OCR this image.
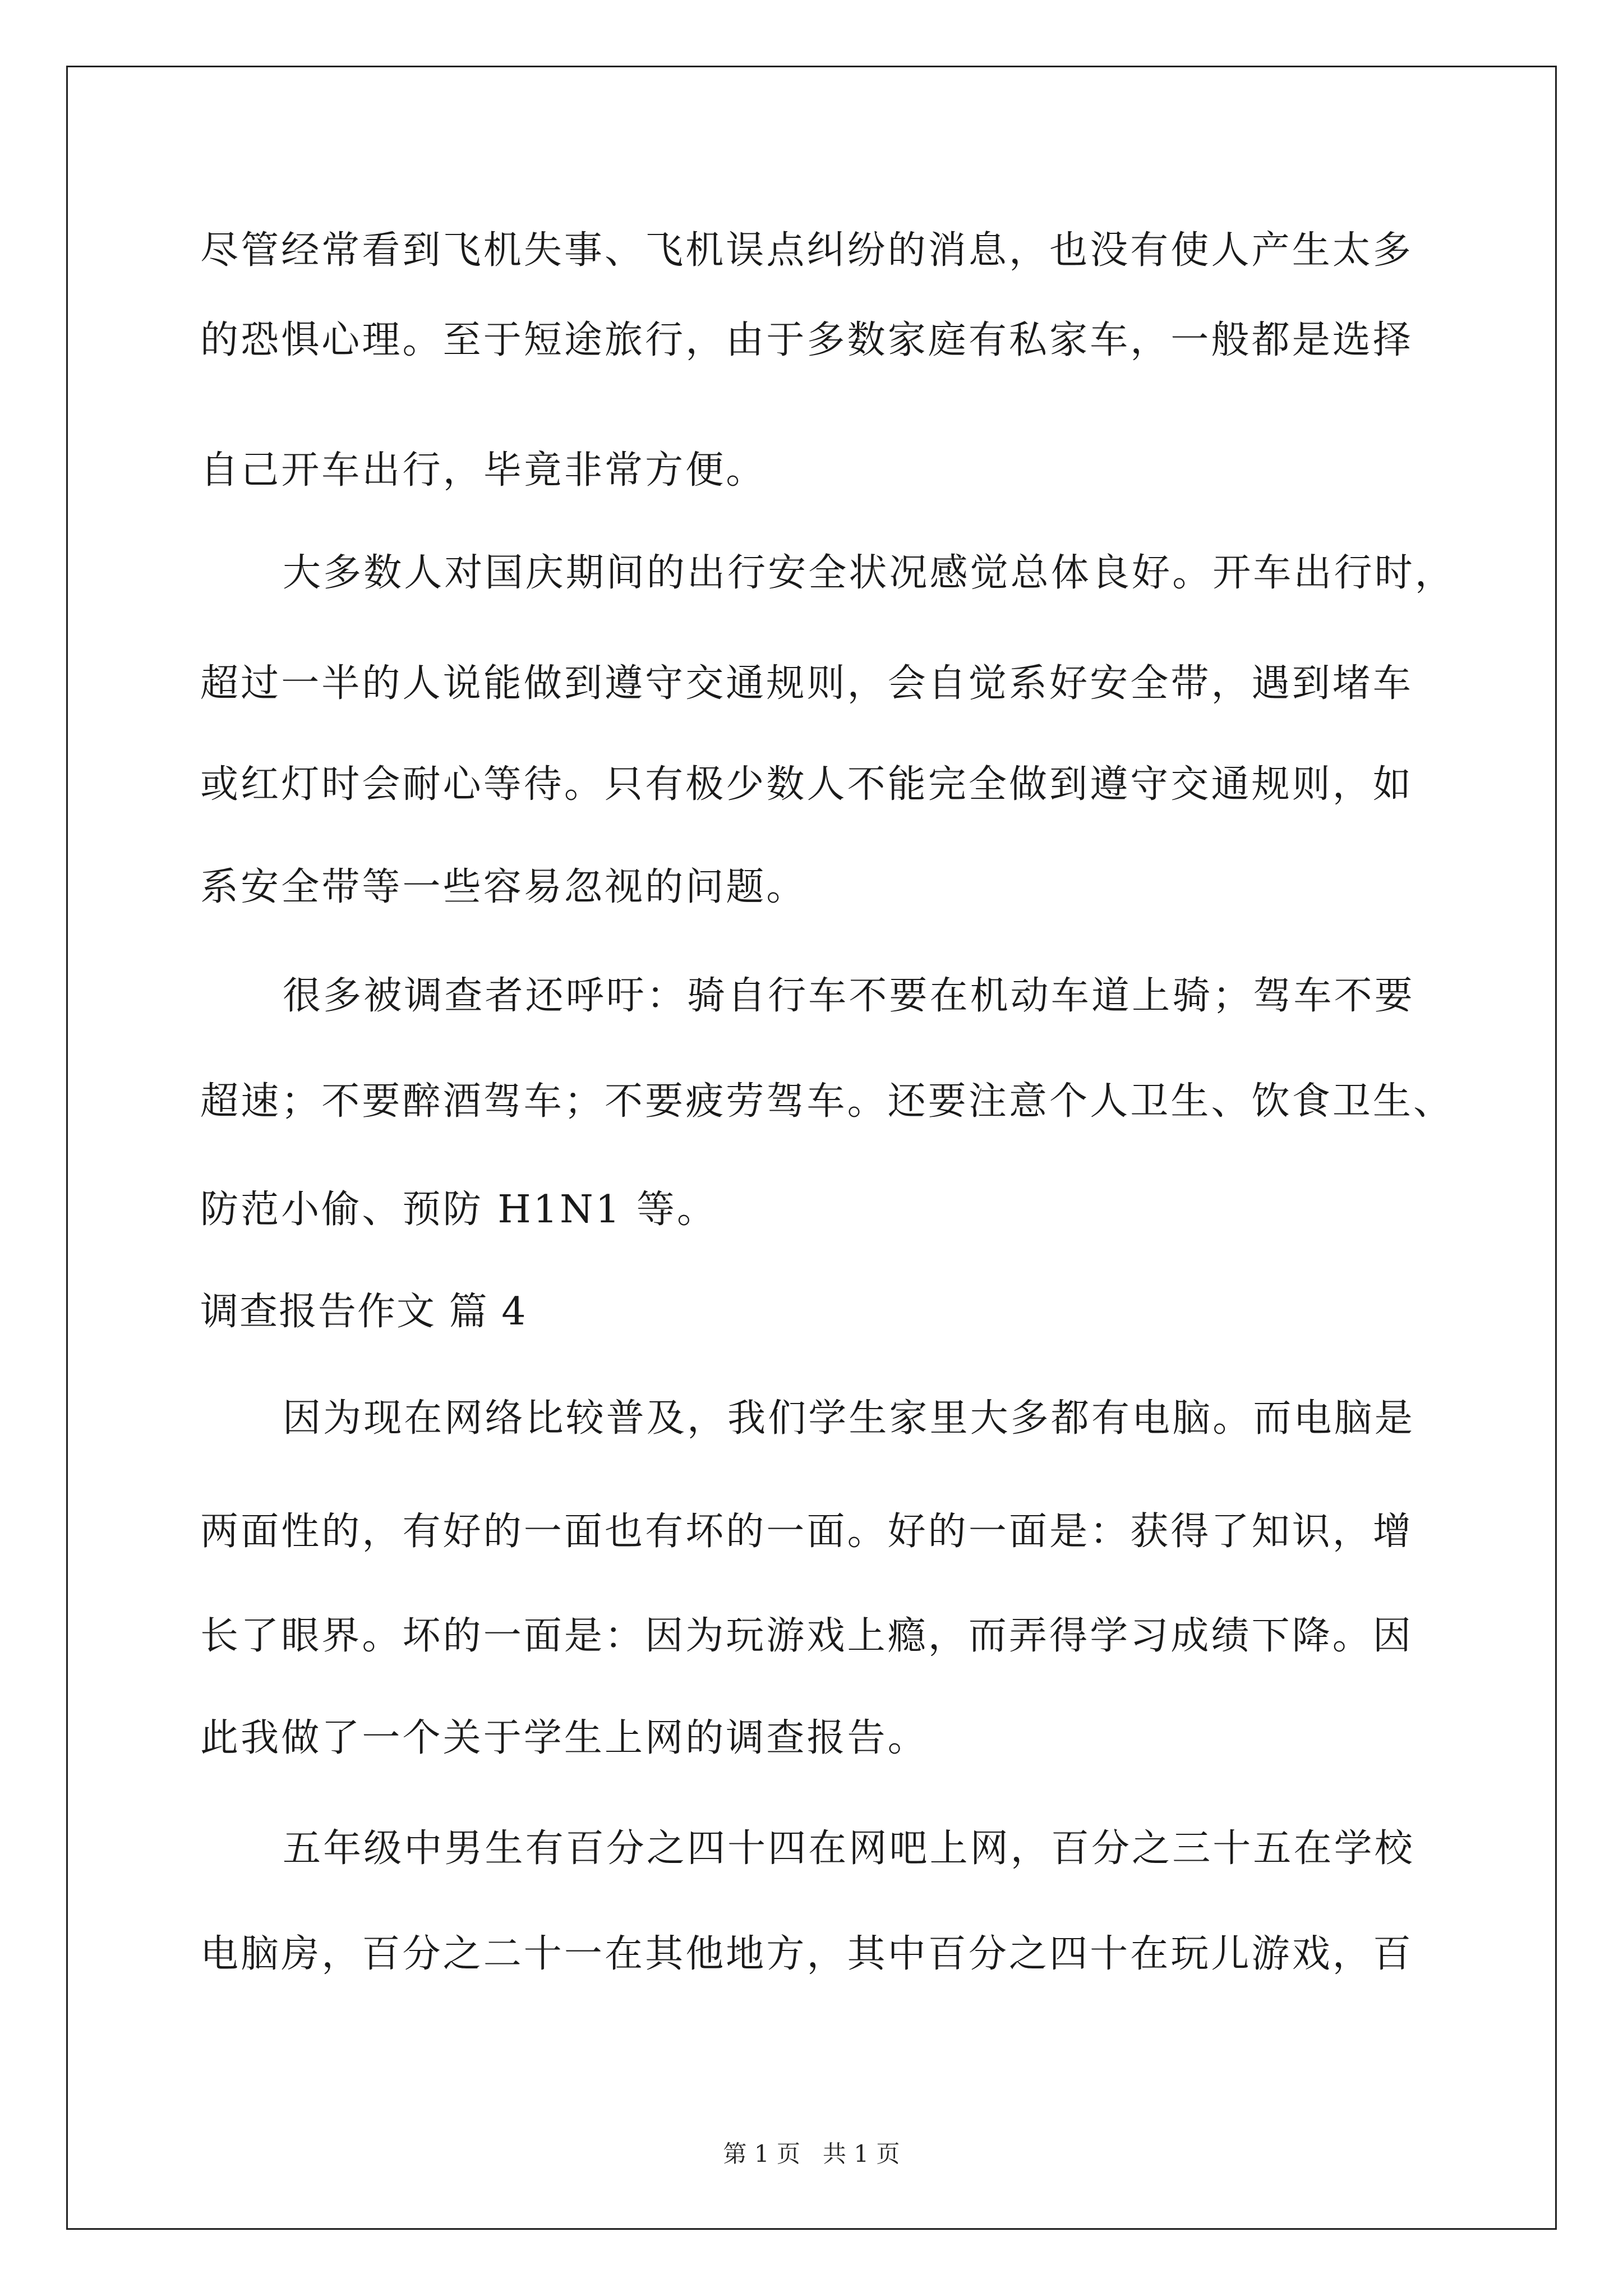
尽管经常看到飞机失事、飞机误点纠纷的消息，也没有使人产生太多
的恐惧心理。至于短途旅行，由于多数家庭有私家车，一般都是选择
自己开车出行，毕竟非常方便。
大多数人对国庆期间的出行安全状况感觉总体良好。开车出行时，
超过一半的人说能做到遵守交通规则，会自觉系好安全带，遇到堵车
或红灯时会耐心等待。只有极少数人不能完全做到遵守交通规则，如
系安全带等一些容易忽视的问题。
很多被调查者还呼吁：骑自行车不要在机动车道上骑；驾车不要
超速；不要醉酒驾车；不要疲劳驾车。还要注意个人卫生、饮食卫生、
防范小偷、预防 H1N1 等。
调查报告作文 篇 4
因为现在网络比较普及，我们学生家里大多都有电脑。而电脑是
两面性的，有好的一面也有坏的一面。好的一面是：获得了知识，增
长了眼界。坏的一面是：因为玩游戏上瘾，而弄得学习成绩下降。因
此我做了一个关于学生上网的调查报告。
五年级中男生有百分之四十四在网吧上网，百分之三十五在学校
电脑房，百分之二十一在其他地方，其中百分之四十在玩儿游戏，百
第 1 页   共 1 页
